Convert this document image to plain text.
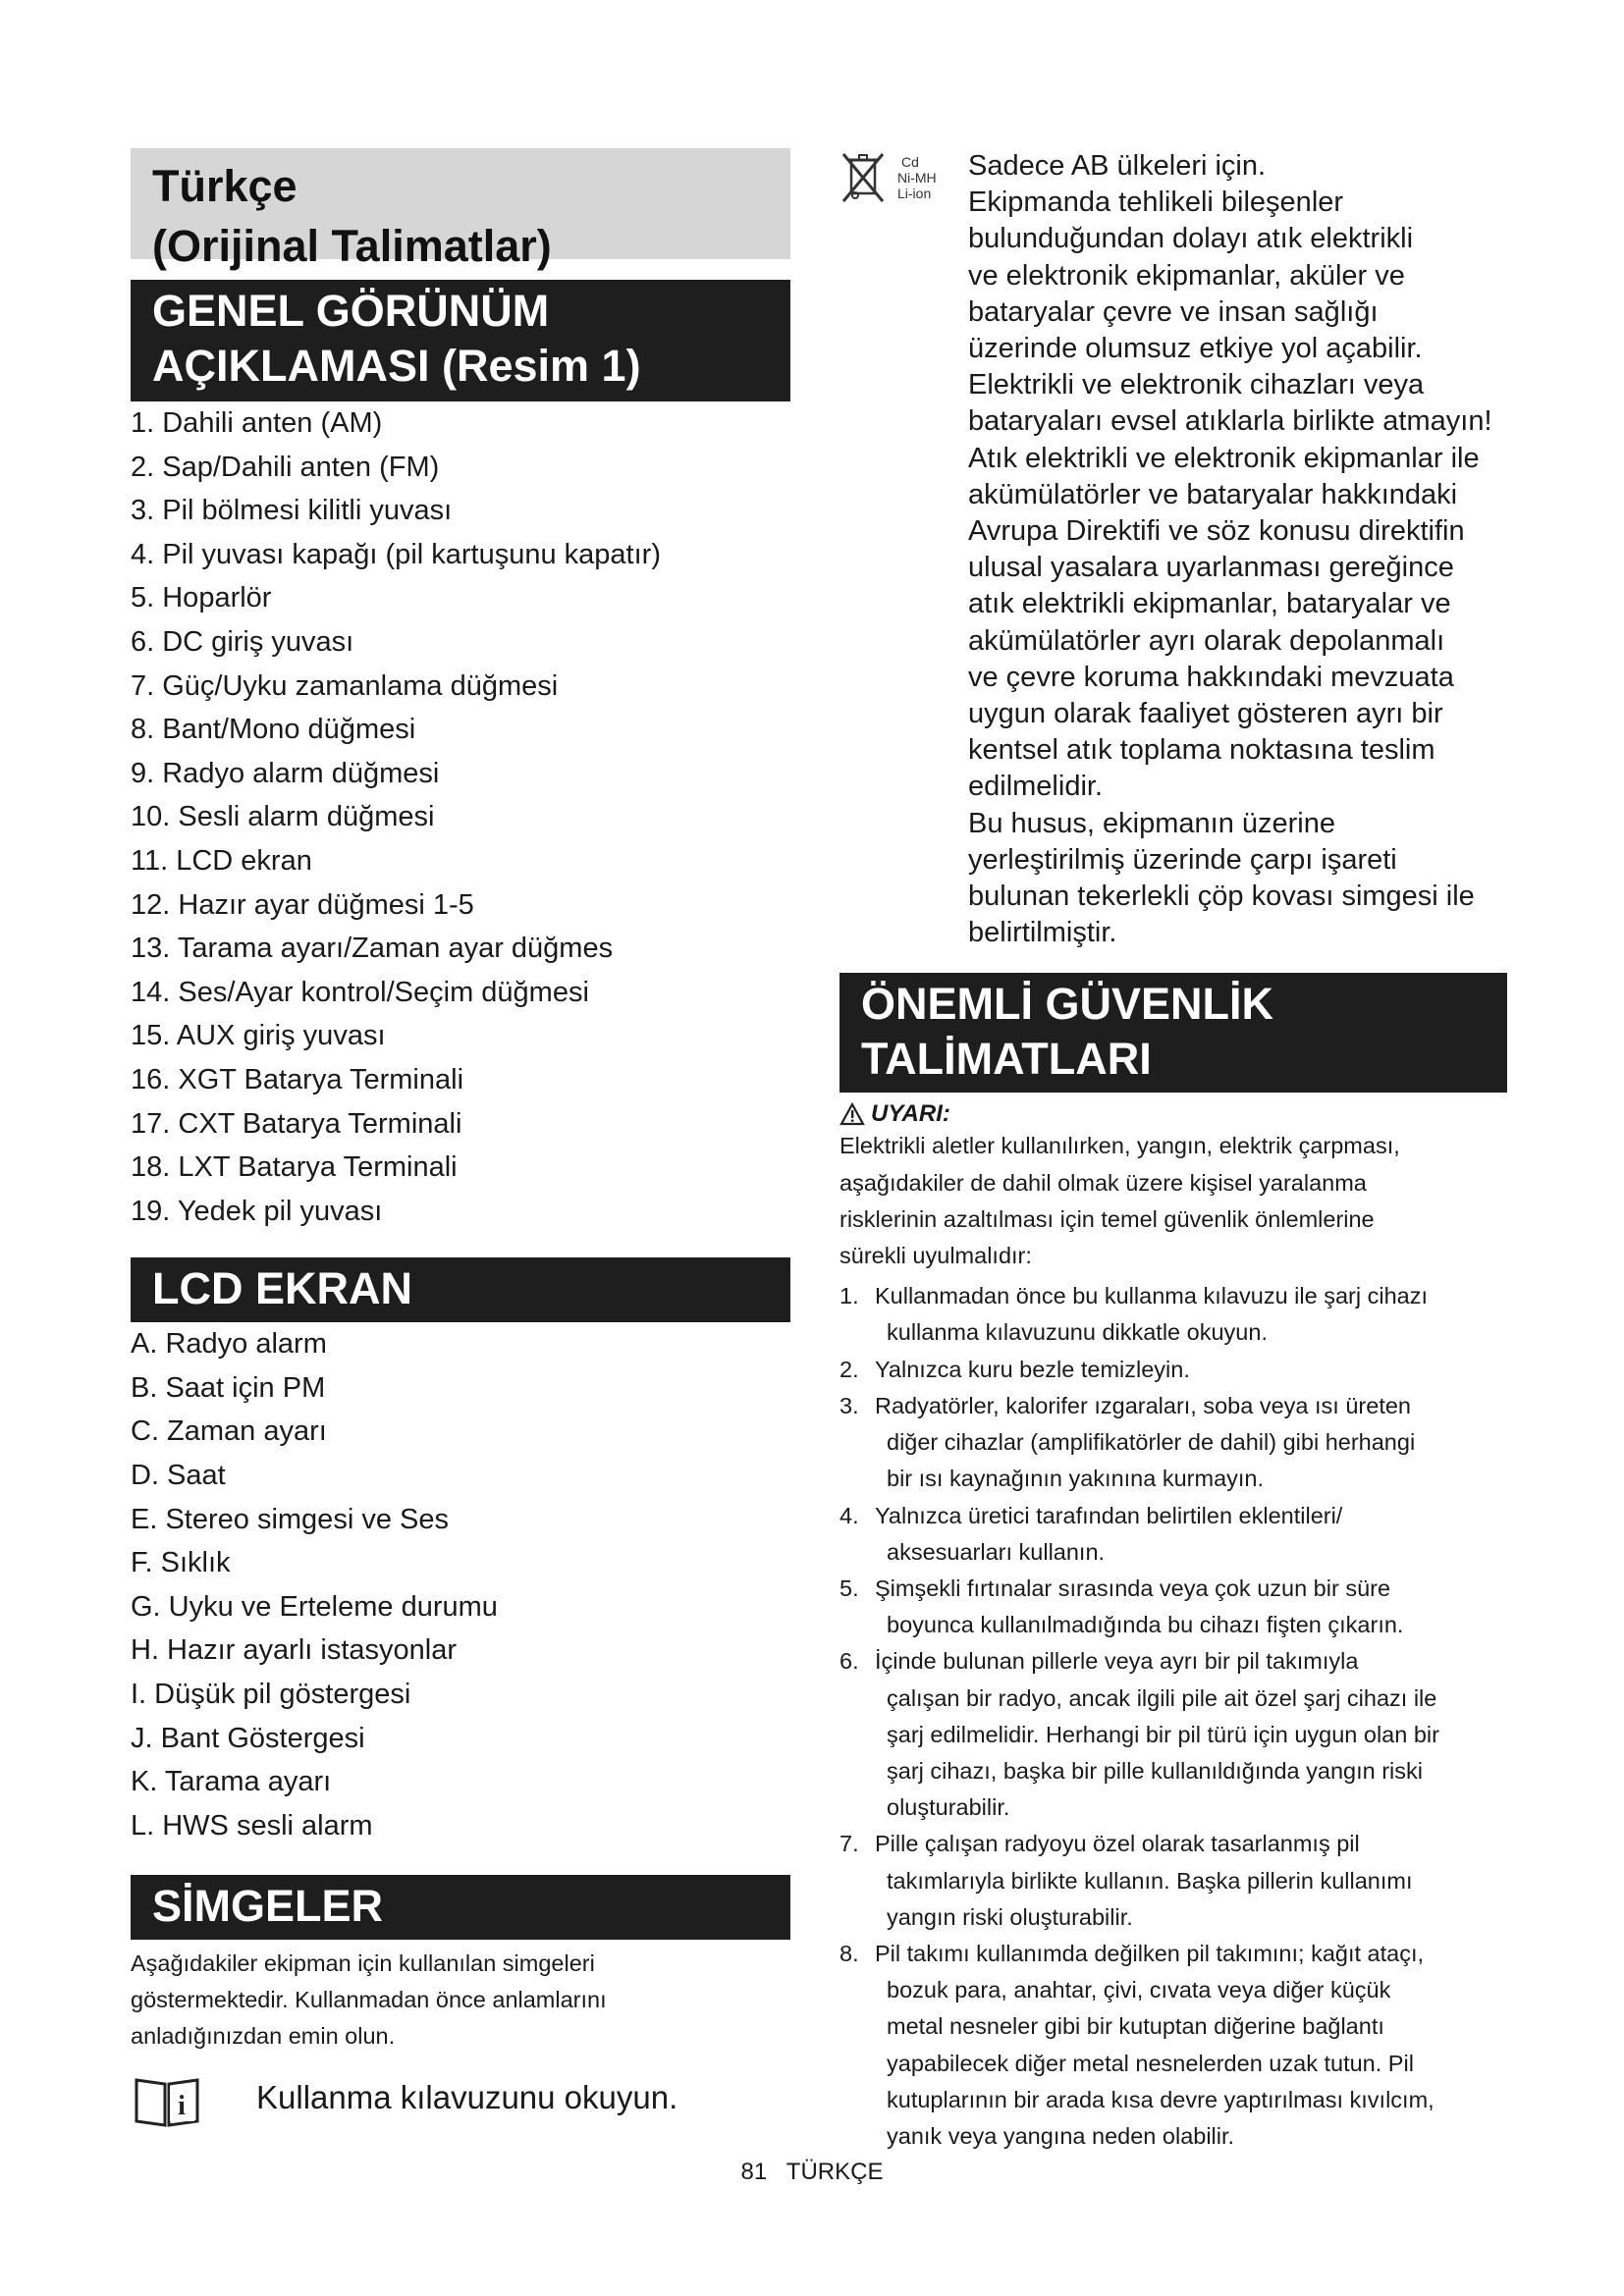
Türkçe
(Orijinal Talimatlar)
GENEL GÖRÜNÜM
AÇIKLAMASI (Resim 1)
1. Dahili anten (AM)
2. Sap/Dahili anten (FM)
3. Pil bölmesi kilitli yuvası
4. Pil yuvası kapağı (pil kartuşunu kapatır)
5. Hoparlör
6. DC giriş yuvası
7. Güç/Uyku zamanlama düğmesi
8. Bant/Mono düğmesi
9. Radyo alarm düğmesi
10. Sesli alarm düğmesi
11. LCD ekran
12. Hazır ayar düğmesi 1-5
13. Tarama ayarı/Zaman ayar düğmes
14. Ses/Ayar kontrol/Seçim düğmesi
15. AUX giriş yuvası
16. XGT Batarya Terminali
17. CXT Batarya Terminali
18. LXT Batarya Terminali
19. Yedek pil yuvası
LCD EKRAN
A. Radyo alarm
B. Saat için PM
C. Zaman ayarı
D. Saat
E. Stereo simgesi ve Ses
F. Sıklık
G. Uyku ve Erteleme durumu
H. Hazır ayarlı istasyonlar
I. Düşük pil göstergesi
J. Bant Göstergesi
K. Tarama ayarı
L. HWS sesli alarm
SİMGELER
Aşağıdakiler ekipman için kullanılan simgeleri göstermektedir. Kullanmadan önce anlamlarını anladığınızdan emin olun.
i Kullanma kılavuzunu okuyun.
Cd
Ni-MH
Li-ion
Sadece AB ülkeleri için.
Ekipmanda tehlikeli bileşenler
bulunduğundan dolayı atık elektrikli
ve elektronik ekipmanlar, aküler ve
bataryalar çevre ve insan sağlığı
üzerinde olumsuz etkiye yol açabilir.
Elektrikli ve elektronik cihazları veya
bataryaları evsel atıklarla birlikte atmayın!
Atık elektrikli ve elektronik ekipmanlar ile
akümülatörler ve bataryalar hakkındaki
Avrupa Direktifi ve söz konusu direktifin
ulusal yasalara uyarlanması gereğince
atık elektrikli ekipmanlar, bataryalar ve
akümülatörler ayrı olarak depolanmalı
ve çevre koruma hakkındaki mevzuata
uygun olarak faaliyet gösteren ayrı bir
kentsel atık toplama noktasına teslim
edilmelidir.
Bu husus, ekipmanın üzerine
yerleştirilmiş üzerinde çarpı işareti
bulunan tekerlekli çöp kovası simgesi ile
belirtilmiştir.
ÖNEMLİ GÜVENLİK
TALİMATLARI
UYARI:
Elektrikli aletler kullanılırken, yangın, elektrik çarpması,
aşağıdakiler de dahil olmak üzere kişisel yaralanma
risklerinin azaltılması için temel güvenlik önlemlerine
sürekli uyulmalıdır:
1. Kullanmadan önce bu kullanma kılavuzu ile şarj cihazı
kullanma kılavuzunu dikkatle okuyun.
2. Yalnızca kuru bezle temizleyin.
3. Radyatörler, kalorifer ızgaraları, soba veya ısı üreten
diğer cihazlar (amplifikatörler de dahil) gibi herhangi
bir ısı kaynağının yakınına kurmayın.
4. Yalnızca üretici tarafından belirtilen eklentileri/
aksesuarları kullanın.
5. Şimşekli fırtınalar sırasında veya çok uzun bir süre
boyunca kullanılmadığında bu cihazı fişten çıkarın.
6. İçinde bulunan pillerle veya ayrı bir pil takımıyla
çalışan bir radyo, ancak ilgili pile ait özel şarj cihazı ile
şarj edilmelidir. Herhangi bir pil türü için uygun olan bir
şarj cihazı, başka bir pille kullanıldığında yangın riski
oluşturabilir.
7. Pille çalışan radyoyu özel olarak tasarlanmış pil
takımlarıyla birlikte kullanın. Başka pillerin kullanımı
yangın riski oluşturabilir.
8. Pil takımı kullanımda değilken pil takımını; kağıt ataçı,
bozuk para, anahtar, çivi, cıvata veya diğer küçük
metal nesneler gibi bir kutuptan diğerine bağlantı
yapabilecek diğer metal nesnelerden uzak tutun. Pil
kutuplarının bir arada kısa devre yaptırılması kıvılcım,
yanık veya yangına neden olabilir.
81 TÜRKÇE
